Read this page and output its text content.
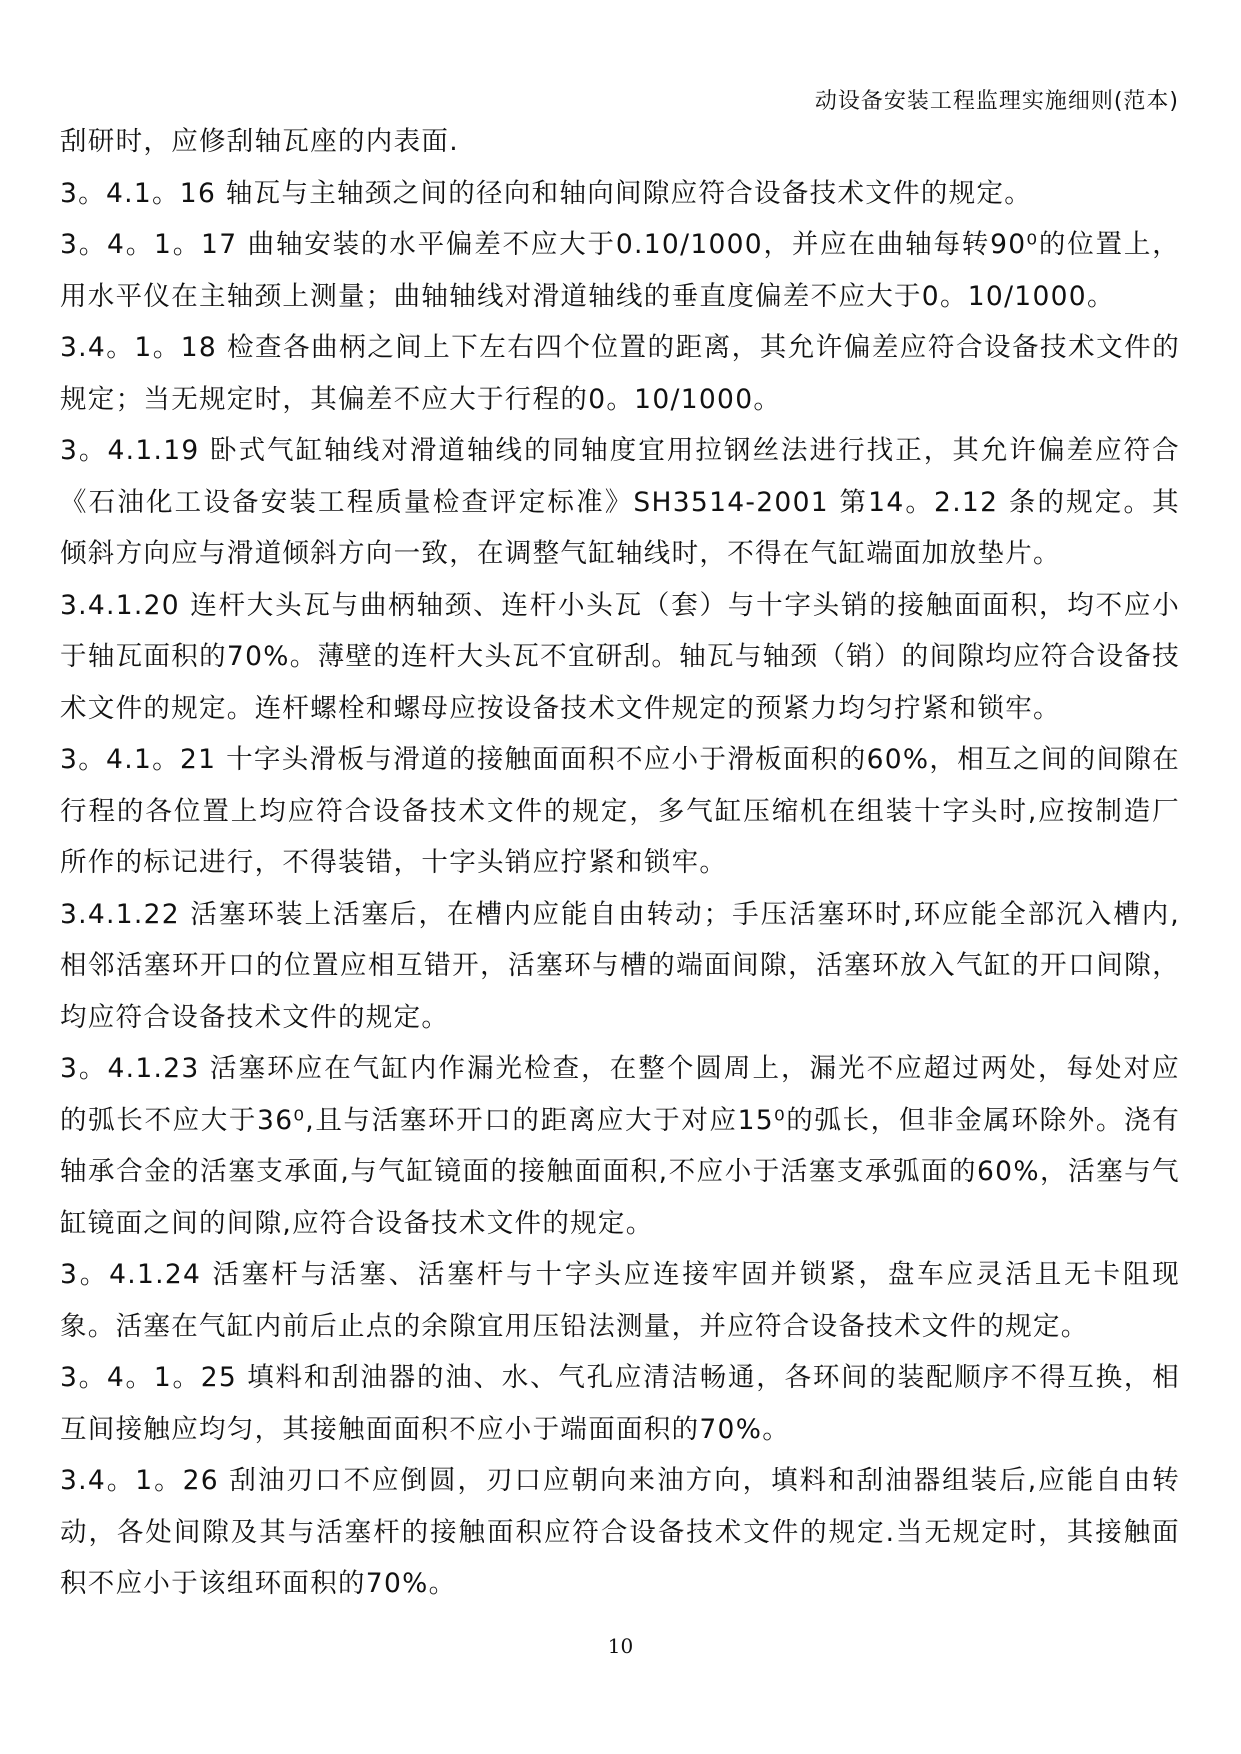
动设备安装工程监理实施细则(范本)

刮研时，应修刮轴瓦座的内表面.

3。4.1。16 轴瓦与主轴颈之间的径向和轴向间隙应符合设备技术文件的规定。

3。4。1。17 曲轴安装的水平偏差不应大于0.10/1000，并应在曲轴每转90⁰的位置上，用水平仪在主轴颈上测量；曲轴轴线对滑道轴线的垂直度偏差不应大于0。10/1000。

3.4。1。18 检查各曲柄之间上下左右四个位置的距离，其允许偏差应符合设备技术文件的规定；当无规定时，其偏差不应大于行程的0。10/1000。

3。4.1.19 卧式气缸轴线对滑道轴线的同轴度宜用拉钢丝法进行找正，其允许偏差应符合《石油化工设备安装工程质量检查评定标准》SH3514-2001 第14。2.12 条的规定。其倾斜方向应与滑道倾斜方向一致，在调整气缸轴线时，不得在气缸端面加放垫片。

3.4.1.20 连杆大头瓦与曲柄轴颈、连杆小头瓦（套）与十字头销的接触面面积，均不应小于轴瓦面积的70%。薄壁的连杆大头瓦不宜研刮。轴瓦与轴颈（销）的间隙均应符合设备技术文件的规定。连杆螺栓和螺母应按设备技术文件规定的预紧力均匀拧紧和锁牢。

3。4.1。21 十字头滑板与滑道的接触面面积不应小于滑板面积的60%，相互之间的间隙在行程的各位置上均应符合设备技术文件的规定，多气缸压缩机在组装十字头时,应按制造厂所作的标记进行，不得装错，十字头销应拧紧和锁牢。

3.4.1.22 活塞环装上活塞后，在槽内应能自由转动；手压活塞环时,环应能全部沉入槽内,相邻活塞环开口的位置应相互错开，活塞环与槽的端面间隙，活塞环放入气缸的开口间隙，均应符合设备技术文件的规定。

3。4.1.23 活塞环应在气缸内作漏光检查，在整个圆周上，漏光不应超过两处，每处对应的弧长不应大于36⁰,且与活塞环开口的距离应大于对应15⁰的弧长，但非金属环除外。浇有轴承合金的活塞支承面,与气缸镜面的接触面面积,不应小于活塞支承弧面的60%，活塞与气缸镜面之间的间隙,应符合设备技术文件的规定。

3。4.1.24 活塞杆与活塞、活塞杆与十字头应连接牢固并锁紧，盘车应灵活且无卡阻现象。活塞在气缸内前后止点的余隙宜用压铅法测量，并应符合设备技术文件的规定。

3。4。1。25 填料和刮油器的油、水、气孔应清洁畅通，各环间的装配顺序不得互换，相互间接触应均匀，其接触面面积不应小于端面面积的70%。

3.4。1。26 刮油刃口不应倒圆，刃口应朝向来油方向，填料和刮油器组装后,应能自由转动，各处间隙及其与活塞杆的接触面积应符合设备技术文件的规定.当无规定时，其接触面积不应小于该组环面积的70%。

10
